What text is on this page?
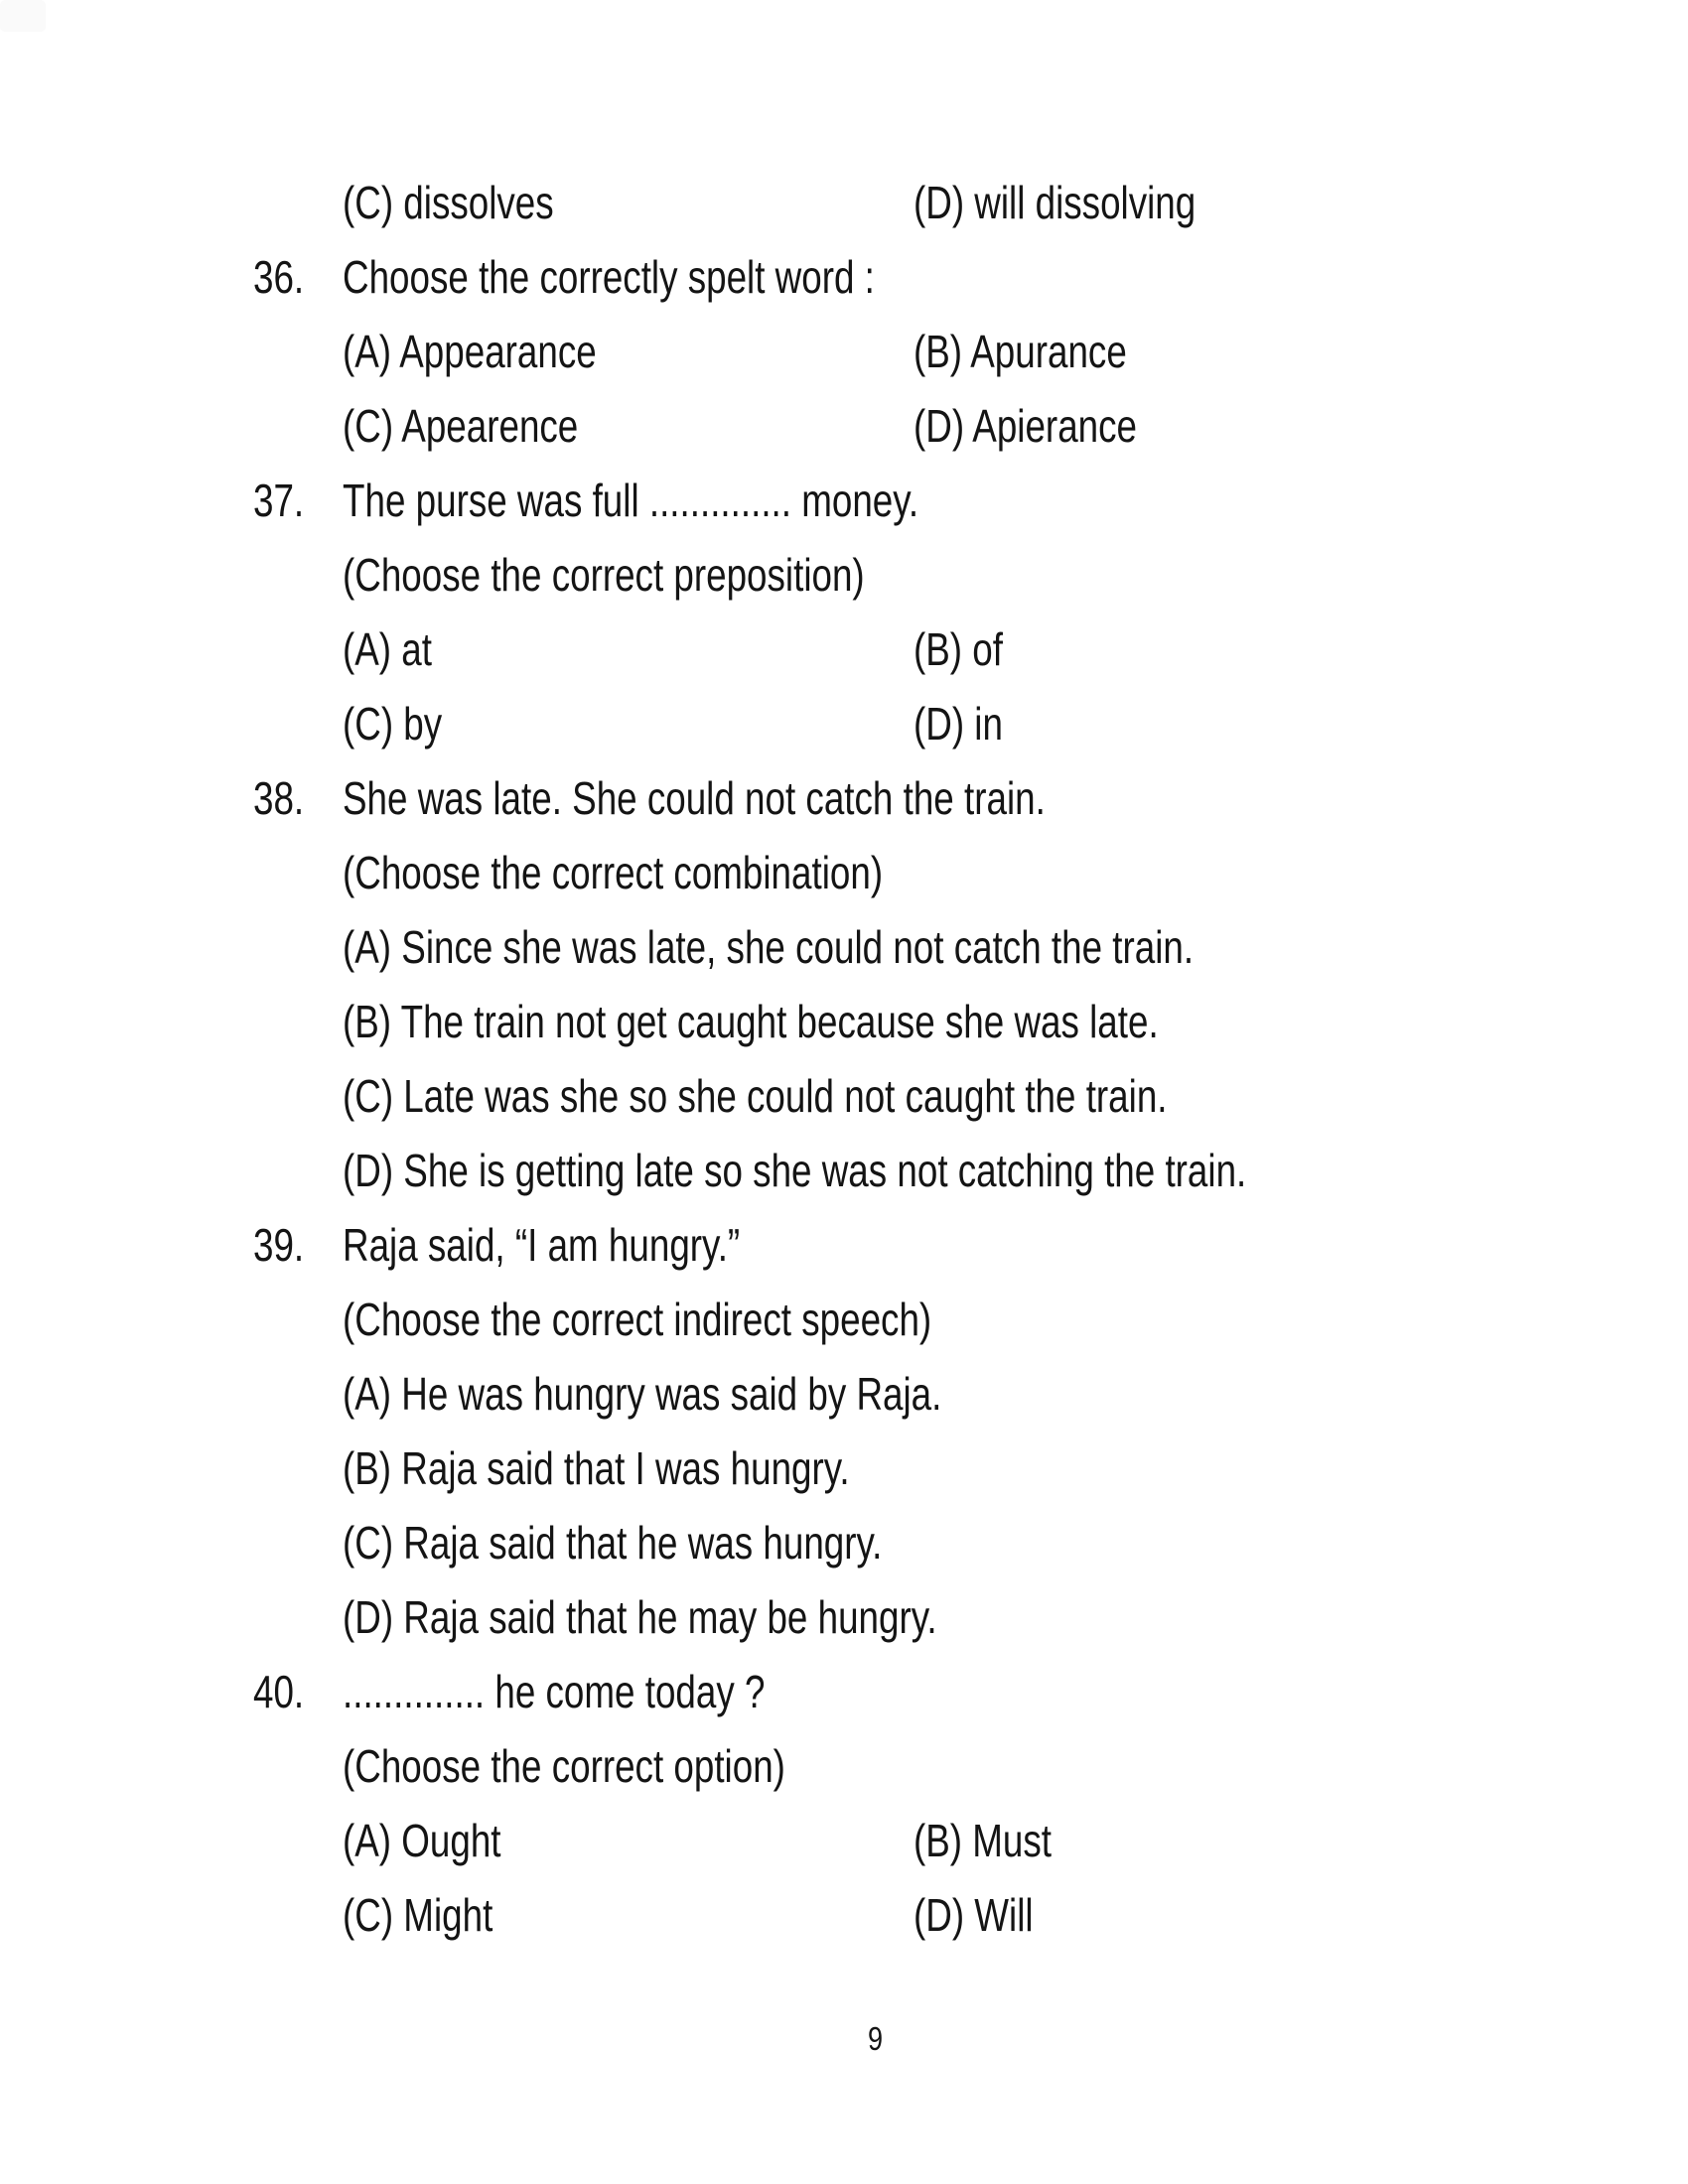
(C) dissolves	(D) will dissolving
36. Choose the correctly spelt word :
(A) Appearance	(B) Apurance
(C) Apearence	(D) Apierance
37. The purse was full .............. money.
(Choose the correct preposition)
(A) at	(B) of
(C) by	(D) in
38. She was late. She could not catch the train.
(Choose the correct combination)
(A) Since she was late, she could not catch the train.
(B) The train not get caught because she was late.
(C) Late was she so she could not caught the train.
(D) She is getting late so she was not catching the train.
39. Raja said, “I am hungry.”
(Choose the correct indirect speech)
(A) He was hungry was said by Raja.
(B) Raja said that I was hungry.
(C) Raja said that he was hungry.
(D) Raja said that he may be hungry.
40. .............. he come today ?
(Choose the correct option)
(A) Ought	(B) Must
(C) Might	(D) Will
9
